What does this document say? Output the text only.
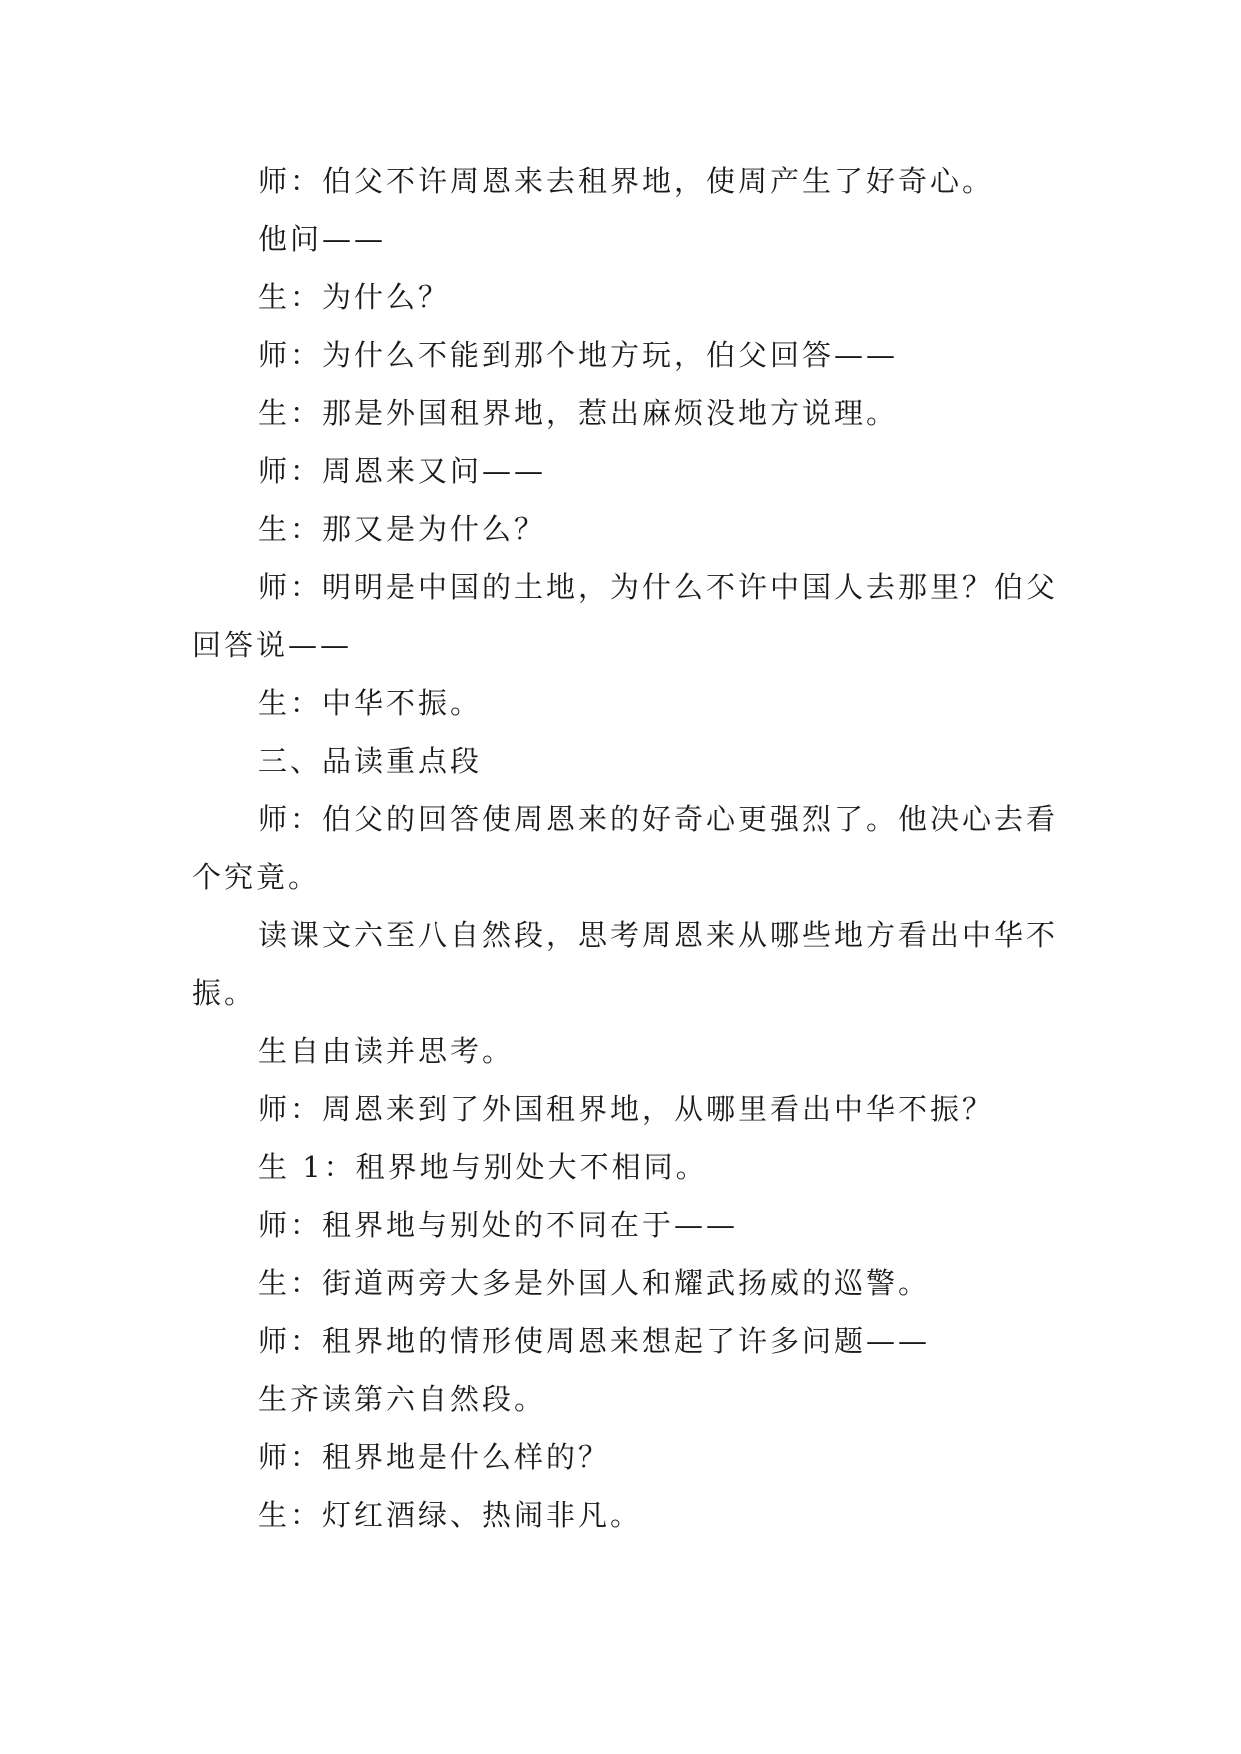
师：伯父不许周恩来去租界地，使周产生了好奇心。

他问——

生：为什么？

师：为什么不能到那个地方玩，伯父回答——

生：那是外国租界地，惹出麻烦没地方说理。

师：周恩来又问——

生：那又是为什么？

师：明明是中国的土地，为什么不许中国人去那里？伯父回答说——

生：中华不振。

三、品读重点段

师：伯父的回答使周恩来的好奇心更强烈了。他决心去看个究竟。

读课文六至八自然段，思考周恩来从哪些地方看出中华不振。

生自由读并思考。

师：周恩来到了外国租界地，从哪里看出中华不振？

生 1：租界地与别处大不相同。

师：租界地与别处的不同在于——

生：街道两旁大多是外国人和耀武扬威的巡警。

师：租界地的情形使周恩来想起了许多问题——

生齐读第六自然段。

师：租界地是什么样的？

生：灯红酒绿、热闹非凡。
